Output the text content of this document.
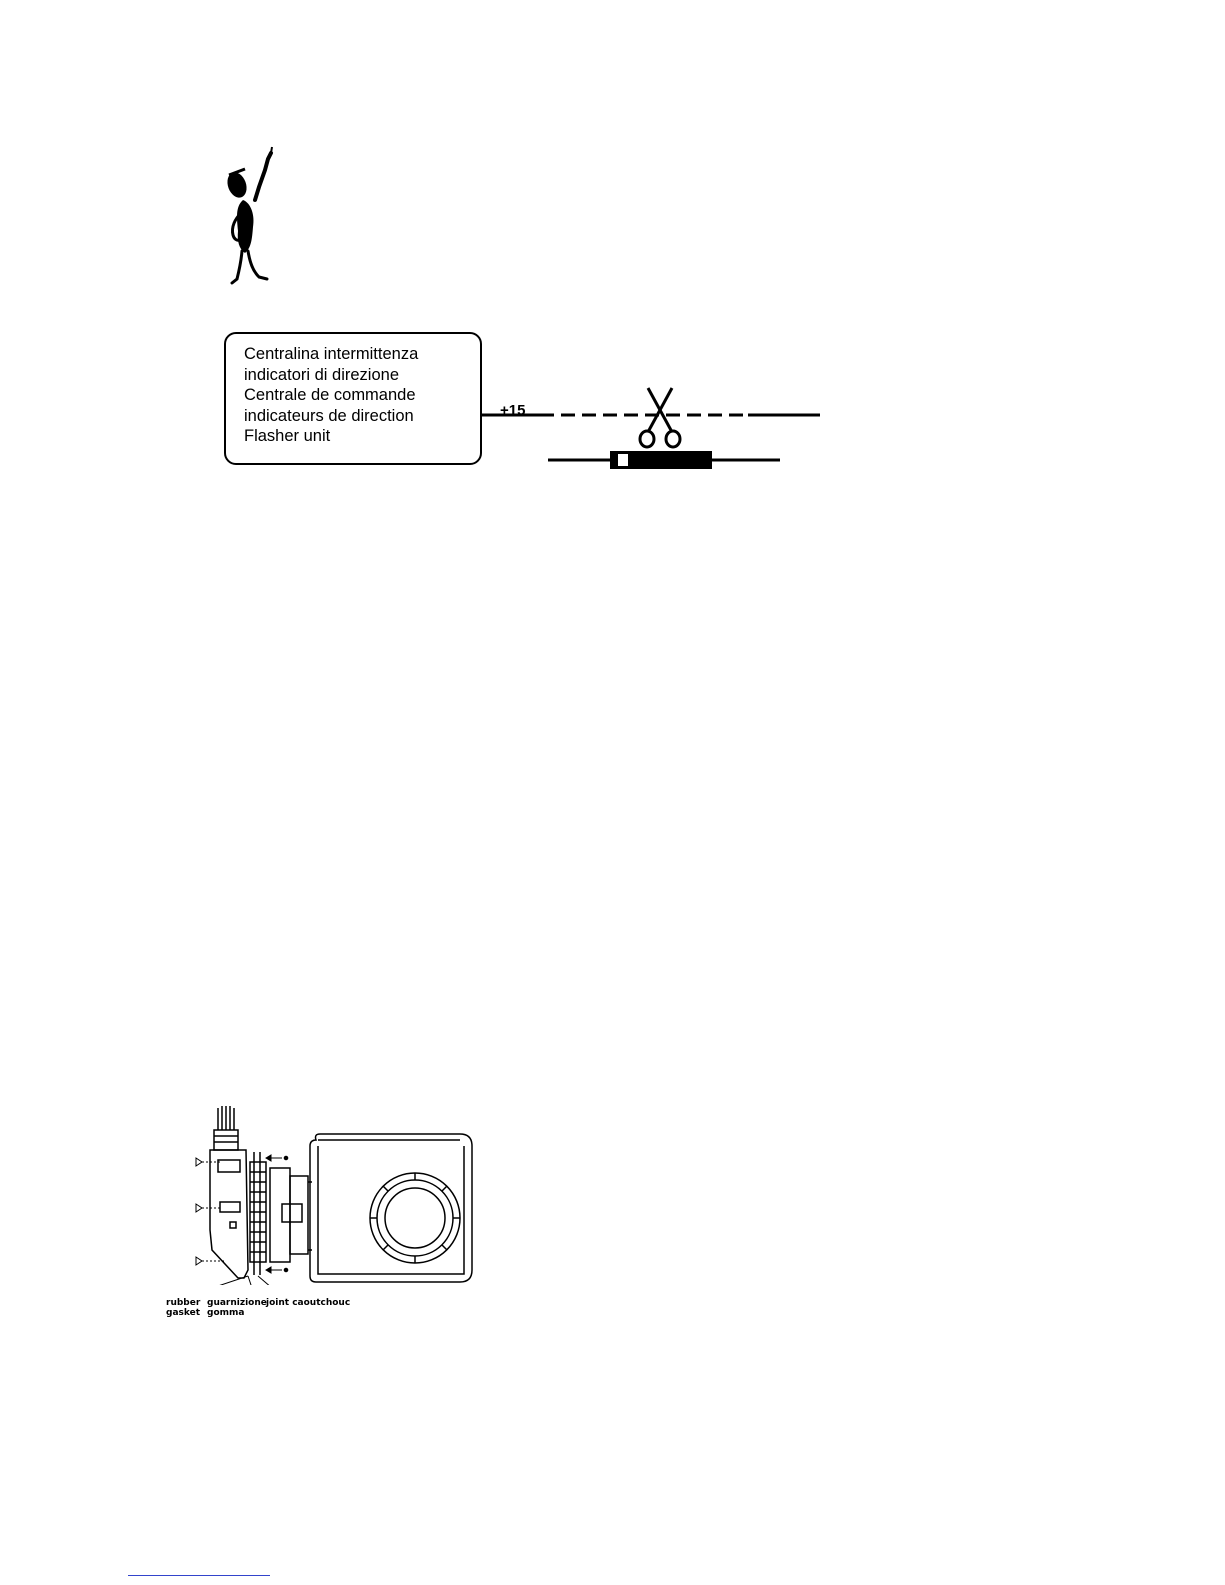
Centralina intermittenza
indicatori di direzione
Centrale de commande
indicateurs de direction
Flasher unit
+15
rubber
gasket
guarnizione
gomma
joint caoutchouc
